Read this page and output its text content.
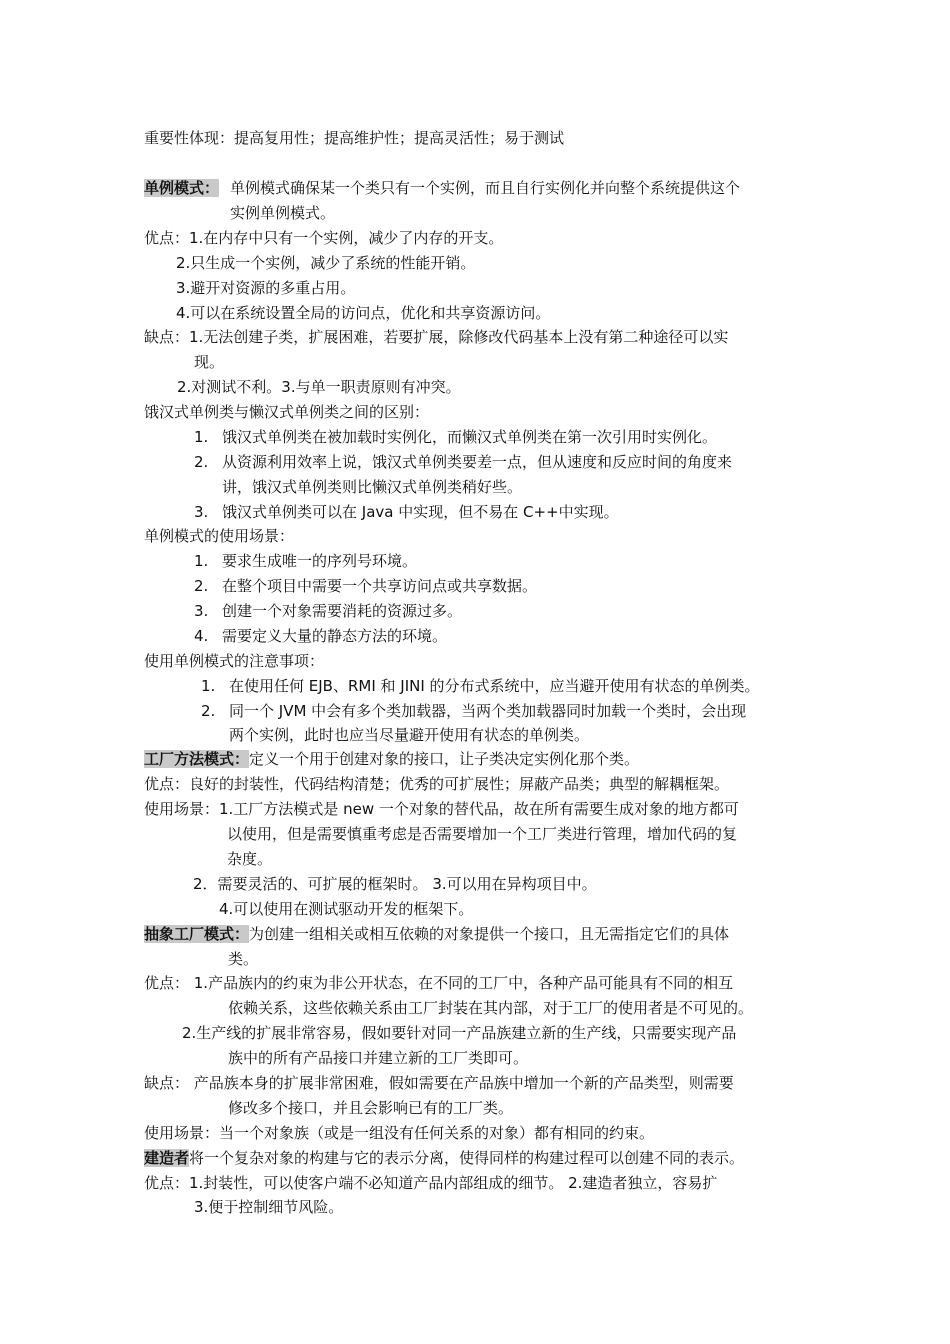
重要性体现：提高复用性；提高维护性；提高灵活性；易于测试
单例模式： 单例模式确保某一个类只有一个实例，而且自行实例化并向整个系统提供这个
实例单例模式。
优点：1.在内存中只有一个实例，减少了内存的开支。
2.只生成一个实例，减少了系统的性能开销。
3.避开对资源的多重占用。
4.可以在系统设置全局的访问点，优化和共享资源访问。
缺点：1.无法创建子类，扩展困难，若要扩展，除修改代码基本上没有第二种途径可以实
现。
2.对测试不利。3.与单一职责原则有冲突。
饿汉式单例类与懒汉式单例类之间的区别：
1. 饿汉式单例类在被加载时实例化，而懒汉式单例类在第一次引用时实例化。
2. 从资源利用效率上说，饿汉式单例类要差一点，但从速度和反应时间的角度来
讲，饿汉式单例类则比懒汉式单例类稍好些。
3. 饿汉式单例类可以在 Java 中实现，但不易在 C++中实现。
单例模式的使用场景：
1. 要求生成唯一的序列号环境。
2. 在整个项目中需要一个共享访问点或共享数据。
3. 创建一个对象需要消耗的资源过多。
4. 需要定义大量的静态方法的环境。
使用单例模式的注意事项：
1. 在使用任何 EJB、RMI 和 JINI 的分布式系统中，应当避开使用有状态的单例类。
2. 同一个 JVM 中会有多个类加载器，当两个类加载器同时加载一个类时，会出现
两个实例，此时也应当尽量避开使用有状态的单例类。
工厂方法模式：定义一个用于创建对象的接口，让子类决定实例化那个类。
优点：良好的封装性，代码结构清楚；优秀的可扩展性；屏蔽产品类；典型的解耦框架。
使用场景：1.工厂方法模式是 new 一个对象的替代品，故在所有需要生成对象的地方都可
以使用，但是需要慎重考虑是否需要增加一个工厂类进行管理，增加代码的复
杂度。
2．需要灵活的、可扩展的框架时。 3.可以用在异构项目中。
4.可以使用在测试驱动开发的框架下。
抽象工厂模式：为创建一组相关或相互依赖的对象提供一个接口，且无需指定它们的具体
类。
优点： 1.产品族内的约束为非公开状态，在不同的工厂中，各种产品可能具有不同的相互
依赖关系，这些依赖关系由工厂封装在其内部，对于工厂的使用者是不可见的。
2.生产线的扩展非常容易，假如要针对同一产品族建立新的生产线，只需要实现产品
族中的所有产品接口并建立新的工厂类即可。
缺点： 产品族本身的扩展非常困难，假如需要在产品族中增加一个新的产品类型，则需要
修改多个接口，并且会影响已有的工厂类。
使用场景：当一个对象族（或是一组没有任何关系的对象）都有相同的约束。
建造者将一个复杂对象的构建与它的表示分离，使得同样的构建过程可以创建不同的表示。
优点：1.封装性，可以使客户端不必知道产品内部组成的细节。 2.建造者独立，容易扩
3.便于控制细节风险。
